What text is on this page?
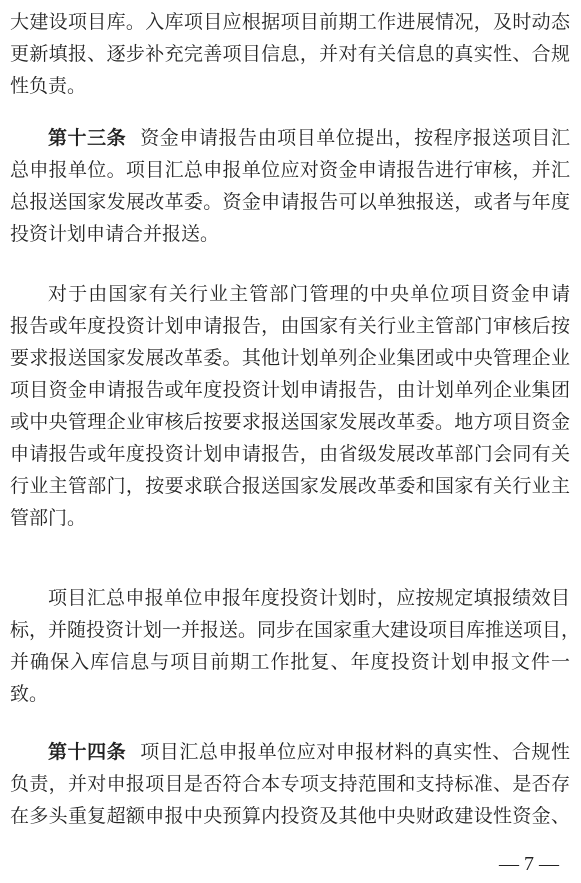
大建设项目库。入库项目应根据项目前期工作进展情况，及时动态
更新填报、逐步补充完善项目信息，并对有关信息的真实性、合规
性负责。
第十三条 资金申请报告由项目单位提出，按程序报送项目汇
总申报单位。项目汇总申报单位应对资金申请报告进行审核，并汇
总报送国家发展改革委。资金申请报告可以单独报送，或者与年度
投资计划申请合并报送。
对于由国家有关行业主管部门管理的中央单位项目资金申请
报告或年度投资计划申请报告，由国家有关行业主管部门审核后按
要求报送国家发展改革委。其他计划单列企业集团或中央管理企业
项目资金申请报告或年度投资计划申请报告，由计划单列企业集团
或中央管理企业审核后按要求报送国家发展改革委。地方项目资金
申请报告或年度投资计划申请报告，由省级发展改革部门会同有关
行业主管部门，按要求联合报送国家发展改革委和国家有关行业主
管部门。
项目汇总申报单位申报年度投资计划时，应按规定填报绩效目
标，并随投资计划一并报送。同步在国家重大建设项目库推送项目，
并确保入库信息与项目前期工作批复、年度投资计划申报文件一
致。
第十四条 项目汇总申报单位应对申报材料的真实性、合规性
负责，并对申报项目是否符合本专项支持范围和支持标准、是否存
在多头重复超额申报中央预算内投资及其他中央财政建设性资金、
— 7 —
